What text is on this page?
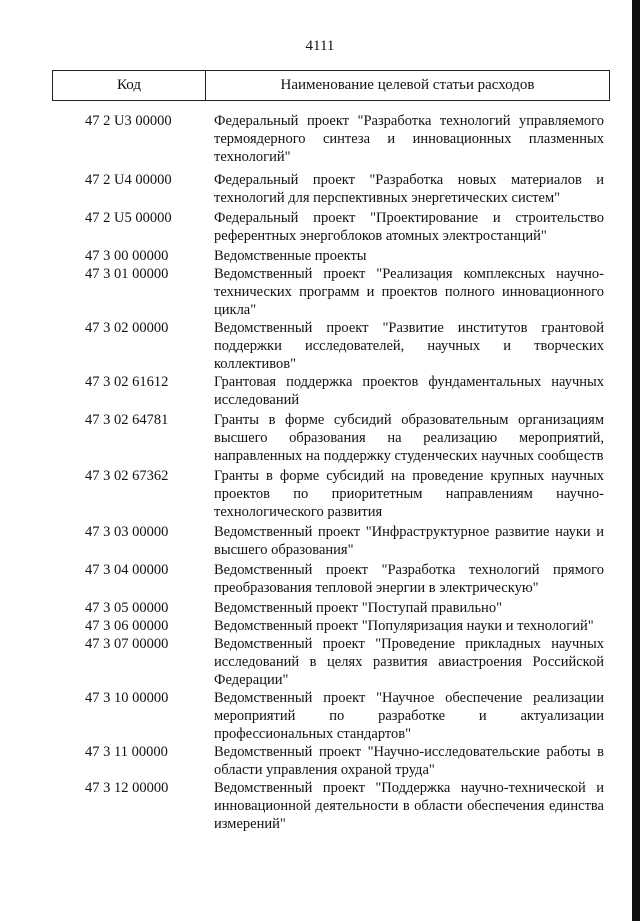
4111
Код	Наименование целевой статьи расходов
47 2 U3 00000	Федеральный проект "Разработка технологий управляемого термоядерного синтеза и инновационных плазменных технологий"
47 2 U4 00000	Федеральный проект "Разработка новых материалов и технологий для перспективных энергетических систем"
47 2 U5 00000	Федеральный проект "Проектирование и строительство референтных энергоблоков атомных электростанций"
47 3 00 00000	Ведомственные проекты
47 3 01 00000	Ведомственный проект "Реализация комплексных научно-технических программ и проектов полного инновационного цикла"
47 3 02 00000	Ведомственный проект "Развитие институтов грантовой поддержки исследователей, научных и творческих коллективов"
47 3 02 61612	Грантовая поддержка проектов фундаментальных научных исследований
47 3 02 64781	Гранты в форме субсидий образовательным организациям высшего образования на реализацию мероприятий, направленных на поддержку студенческих научных сообществ
47 3 02 67362	Гранты в форме субсидий на проведение крупных научных проектов по приоритетным направлениям научно-технологического развития
47 3 03 00000	Ведомственный проект "Инфраструктурное развитие науки и высшего образования"
47 3 04 00000	Ведомственный проект "Разработка технологий прямого преобразования тепловой энергии в электрическую"
47 3 05 00000	Ведомственный проект "Поступай правильно"
47 3 06 00000	Ведомственный проект "Популяризация науки и технологий"
47 3 07 00000	Ведомственный проект "Проведение прикладных научных исследований в целях развития авиастроения Российской Федерации"
47 3 10 00000	Ведомственный проект "Научное обеспечение реализации мероприятий по разработке и актуализации профессиональных стандартов"
47 3 11 00000	Ведомственный проект "Научно-исследовательские работы в области управления охраной труда"
47 3 12 00000	Ведомственный проект "Поддержка научно-технической и инновационной деятельности в области обеспечения единства измерений"
